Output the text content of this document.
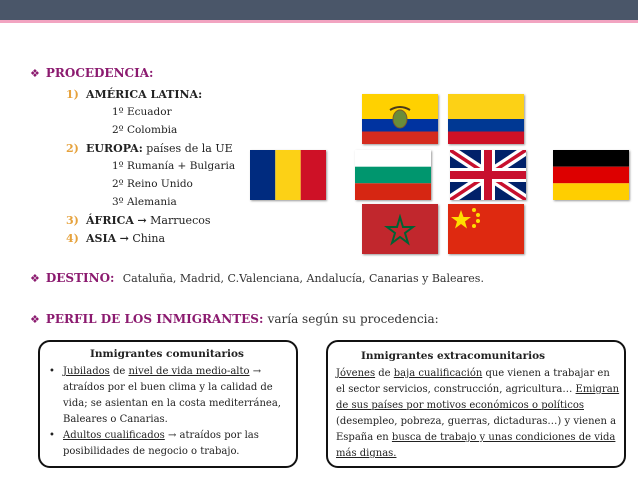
❖ PROCEDENCIA:
1) AMÉRICA LATINA:
1º Ecuador
2º Colombia
2) EUROPA: países de la UE
1º Rumanía + Bulgaria
2º Reino Unido
3º Alemania
3) ÁFRICA → Marruecos
4) ASIA → China
❖ DESTINO: Cataluña, Madrid, C.Valenciana, Andalucía, Canarias y Baleares.
❖ PERFIL DE LOS INMIGRANTES: varía según su procedencia:
Inmigrantes comunitarios
• Jubilados de nivel de vida medio-alto → atraídos por el buen clima y la calidad de vida; se asientan en la costa mediterránea, Baleares o Canarias.
• Adultos cualificados → atraídos por las posibilidades de negocio o trabajo.
Inmigrantes extracomunitarios
Jóvenes de baja cualificación que vienen a trabajar en el sector servicios, construcción, agricultura… Emigran de sus países por motivos económicos o políticos (desempleo, pobreza, guerras, dictaduras…) y vienen a España en busca de trabajo y unas condiciones de vida más dignas.
